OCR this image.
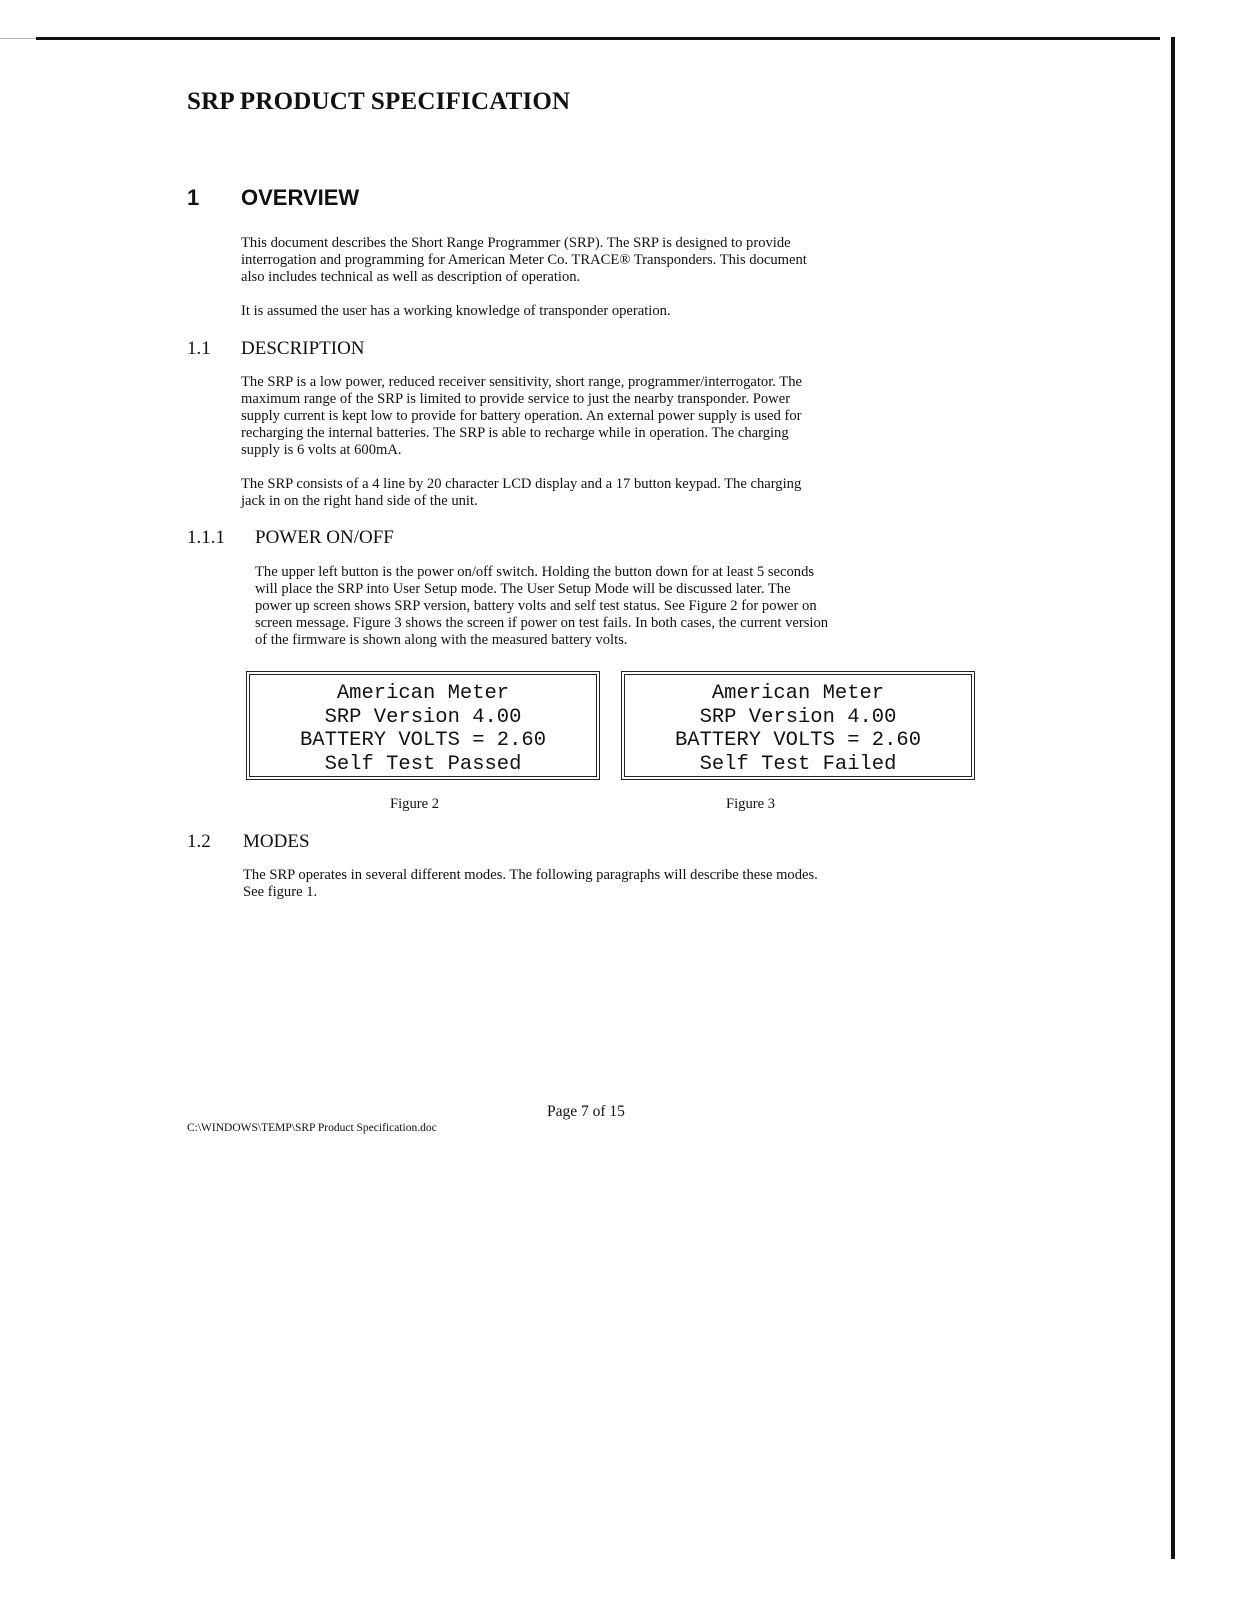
SRP PRODUCT SPECIFICATION
1 OVERVIEW

This document describes the Short Range Programmer (SRP). The SRP is designed to provide
interrogation and programming for American Meter Co. TRACE® Transponders. This document
also includes technical as well as description of operation.

It is assumed the user has a working knowledge of transponder operation.

1.1 DESCRIPTION

The SRP is a low power, reduced receiver sensitivity, short range, programmer/interrogator. The
maximum range of the SRP is limited to provide service to just the nearby transponder. Power
supply current is kept low to provide for battery operation. An external power supply is used for
recharging the internal batteries. The SRP is able to recharge while in operation. The charging
supply is 6 volts at 600mA.

The SRP consists of a 4 line by 20 character LCD display and a 17 button keypad. The charging
jack in on the right hand side of the unit.

1.1.1 POWER ON/OFF

The upper left button is the power on/off switch. Holding the button down for at least 5 seconds
will place the SRP into User Setup mode. The User Setup Mode will be discussed later. The
power up screen shows SRP version, battery volts and self test status. See Figure 2 for power on
screen message. Figure 3 shows the screen if power on test fails. In both cases, the current version
of the firmware is shown along with the measured battery volts.

American Meter
SRP Version 4.00
BATTERY VOLTS = 2.60
Self Test Passed
American Meter
SRP Version 4.00
BATTERY VOLTS = 2.60
Self Test Failed

Figure 2	Figure 3

1.2 MODES

The SRP operates in several different modes. The following paragraphs will describe these modes.
See figure 1.

Page 7 of 15

C:\WINDOWS\TEMP\SRP Product Specification.doc
